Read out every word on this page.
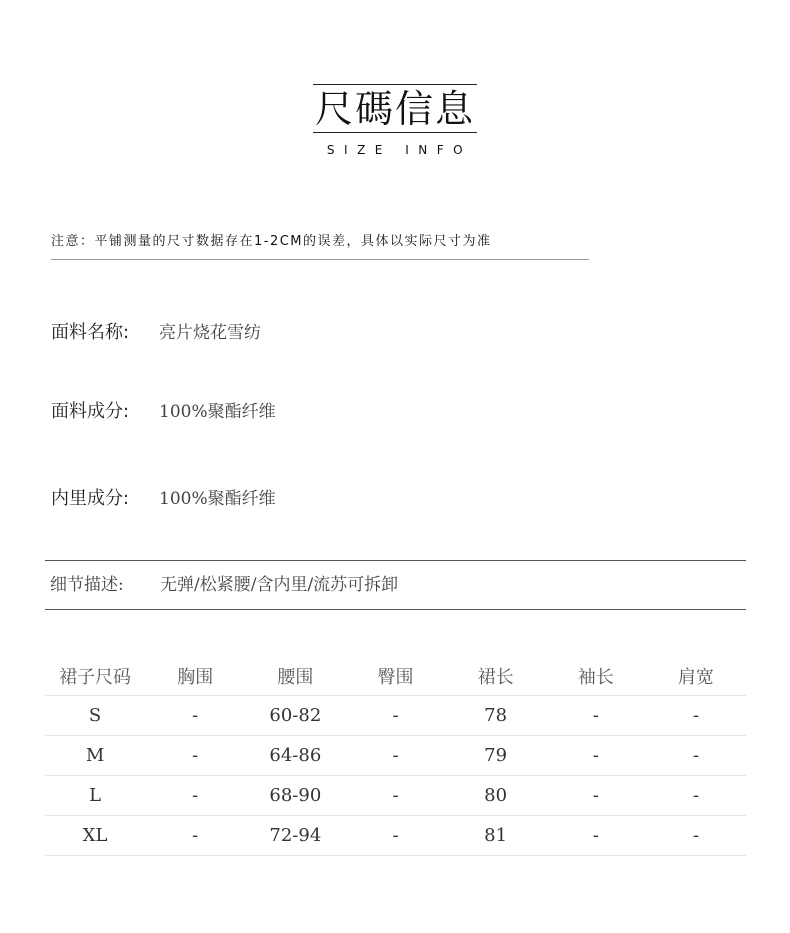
尺碼信息
SIZE INFO
注意：平铺测量的尺寸数据存在1-2CM的误差，具体以实际尺寸为准
面料名称: 亮片烧花雪纺
面料成分: 100%聚酯纤维
内里成分: 100%聚酯纤维
细节描述: 无弹/松紧腰/含内里/流苏可拆卸
裙子尺码	胸围	腰围	臀围	裙长	袖长	肩宽
S	-	60-82	-	78	-	-
M	-	64-86	-	79	-	-
L	-	68-90	-	80	-	-
XL	-	72-94	-	81	-	-
